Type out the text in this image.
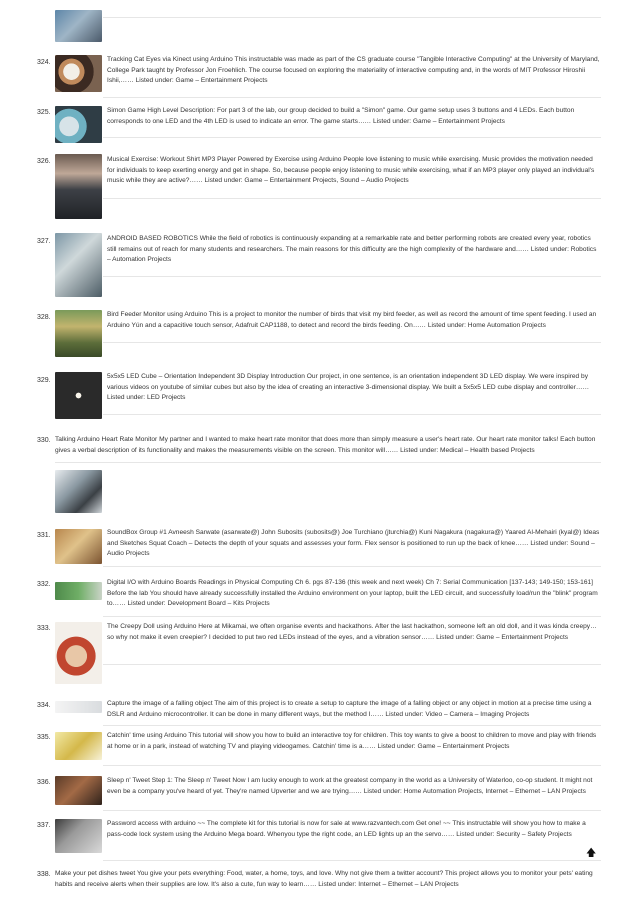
324.	Tracking Cat Eyes via Kinect using Arduino This instructable was made as part of the CS graduate course "Tangible Interactive Computing" at the University of Maryland, College Park taught by Professor Jon Froehlich. The course focused on exploring the materiality of interactive computing and, in the words of MIT Professor Hiroshii Ishii,…… Listed under: Game – Entertainment Projects
325.	Simon Game High Level Description: For part 3 of the lab, our group decided to build a "Simon" game. Our game setup uses 3 buttons and 4 LEDs. Each button corresponds to one LED and the 4th LED is used to indicate an error. The game starts…… Listed under: Game – Entertainment Projects
326.	Musical Exercise: Workout Shirt MP3 Player Powered by Exercise using Arduino People love listening to music while exercising. Music provides the motivation needed for individuals to keep exerting energy and get in shape. So, because people enjoy listening to music while exercising, what if an MP3 player only played an individual's music while they are active?…… Listed under: Game – Entertainment Projects, Sound – Audio Projects
327.	ANDROID BASED ROBOTICS While the field of robotics is continuously expanding at a remarkable rate and better performing robots are created every year, robotics still remains out of reach for many students and researchers. The main reasons for this difficulty are the high complexity of the hardware and…… Listed under: Robotics – Automation Projects
328.	Bird Feeder Monitor using Arduino This is a project to monitor the number of birds that visit my bird feeder, as well as record the amount of time spent feeding. I used an Arduino Yún and a capacitive touch sensor, Adafruit CAP1188, to detect and record the birds feeding. On…… Listed under: Home Automation Projects
329.
5x5x5 LED Cube – Orientation Independent 3D Display Introduction Our project, in one sentence, is an orientation independent 3D LED display. We were inspired by various videos on youtube of similar cubes but also by the idea of creating an interactive 3-dimensional display. We built a 5x5x5 LED cube display and controller…… Listed under: LED Projects
330. Talking Arduino Heart Rate Monitor My partner and I wanted to make heart rate monitor that does more than simply measure a user's heart rate. Our heart rate monitor talks! Each button gives a verbal description of its functionality and makes the measurements visible on the screen. This monitor will…… Listed under: Medical – Health based Projects
331.	SoundBox Group #1 Avneesh Sarwate (asarwate@) John Subosits (subosits@) Joe Turchiano (jturchia@) Kuni Nagakura (nagakura@) Yaared Al-Mehairi (kyal@) Ideas and Sketches Squat Coach – Detects the depth of your squats and assesses your form. Flex sensor is positioned to run up the back of knee…… Listed under: Sound – Audio Projects
332.	Digital I/O with Arduino Boards Readings in Physical Computing Ch 6. pgs 87-136 (this week and next week) Ch 7: Serial Communication [137-143; 149-150; 153-161] Before the lab You should have already successfully installed the Arduino environment on your laptop, built the LED circuit, and successfully load/run the "blink" program to…… Listed under: Development Board – Kits Projects
333.	The Creepy Doll using Arduino Here at Mikamai, we often organise events and hackathons. After the last hackathon, someone left an old doll, and it was kinda creepy… so why not make it even creepier? I decided to put two red LEDs instead of the eyes, and a vibration sensor…… Listed under: Game – Entertainment Projects
334.	Capture the image of a falling object The aim of this project is to create a setup to capture the image of a falling object or any object in motion at a precise time using a DSLR and Arduino microcontroller. It can be done in many different ways, but the method I…… Listed under: Video – Camera – Imaging Projects
335.	Catchin' time using Arduino This tutorial will show you how to build an interactive toy for children. This toy wants to give a boost to children to move and play with friends at home or in a park, instead of watching TV and playing videogames. Catchin' time is a…… Listed under: Game – Entertainment Projects
336.	Sleep n' Tweet Step 1: The Sleep n' Tweet Now I am lucky enough to work at the greatest company in the world as a University of Waterloo, co-op student. It might not even be a company you've heard of yet. They're named Upverter and we are trying…… Listed under: Home Automation Projects, Internet – Ethernet – LAN Projects
337.	Password access with arduino ~~ The complete kit for this tutorial is now for sale at www.razvantech.com Get one! ~~ This instructable will show you how to make a pass-code lock system using the Arduino Mega board. Whenyou type the right code, an LED lights up an the servo…… Listed under: Security – Safety Projects
🡅
338. Make your pet dishes tweet You give your pets everything: Food, water, a home, toys, and love. Why not give them a twitter account? This project allows you to monitor your pets' eating habits and receive alerts when their supplies are low. It's also a cute, fun way to learn…… Listed under: Internet – Ethernet – LAN Projects
